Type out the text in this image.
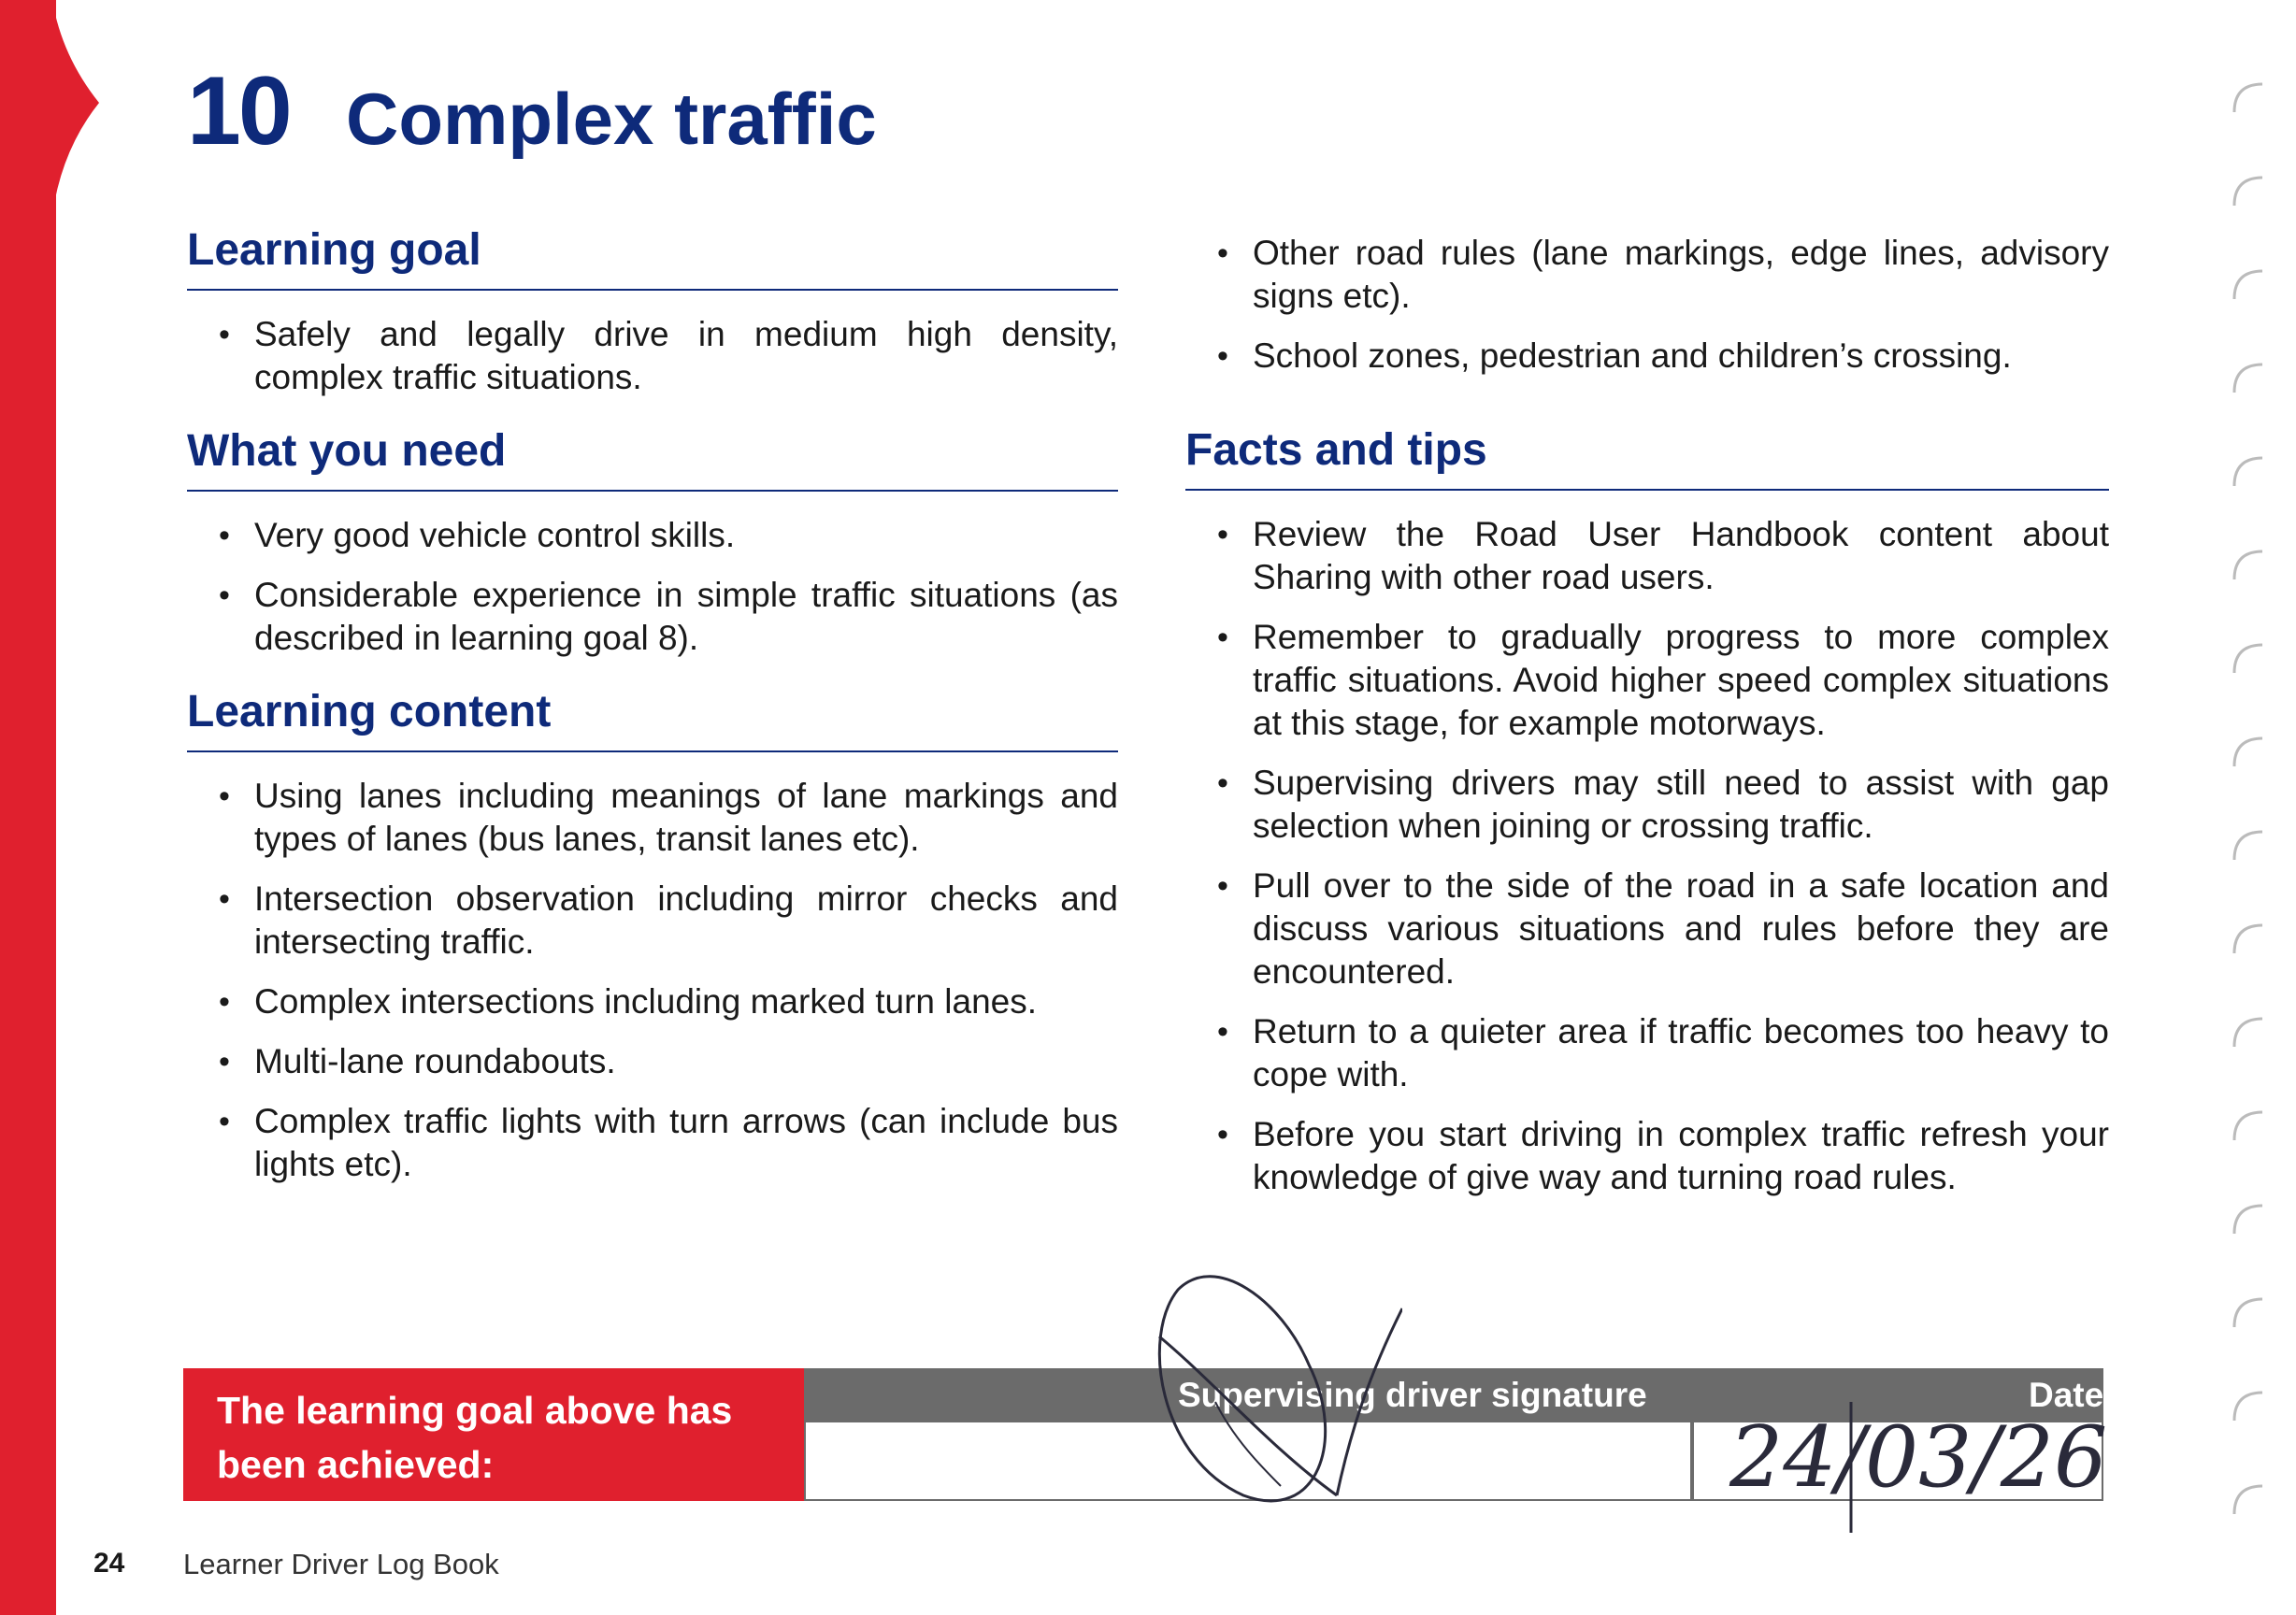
10 Complex traffic
Learning goal
• Safely and legally drive in medium high density, complex traffic situations.
What you need
• Very good vehicle control skills.
• Considerable experience in simple traffic situations (as described in learning goal 8).
Learning content
• Using lanes including meanings of lane markings and types of lanes (bus lanes, transit lanes etc).
• Intersection observation including mirror checks and intersecting traffic.
• Complex intersections including marked turn lanes.
• Multi-lane roundabouts.
• Complex traffic lights with turn arrows (can include bus lights etc).
• Other road rules (lane markings, edge lines, advisory signs etc).
• School zones, pedestrian and children’s crossing.
Facts and tips
• Review the Road User Handbook content about Sharing with other road users.
• Remember to gradually progress to more complex traffic situations. Avoid higher speed complex situations at this stage, for example motorways.
• Supervising drivers may still need to assist with gap selection when joining or crossing traffic.
• Pull over to the side of the road in a safe location and discuss various situations and rules before they are encountered.
• Return to a quieter area if traffic becomes too heavy to cope with.
• Before you start driving in complex traffic refresh your knowledge of give way and turning road rules.
The learning goal above has been achieved:
Supervising driver signature	Date
24/03/26
24 Learner Driver Log Book
